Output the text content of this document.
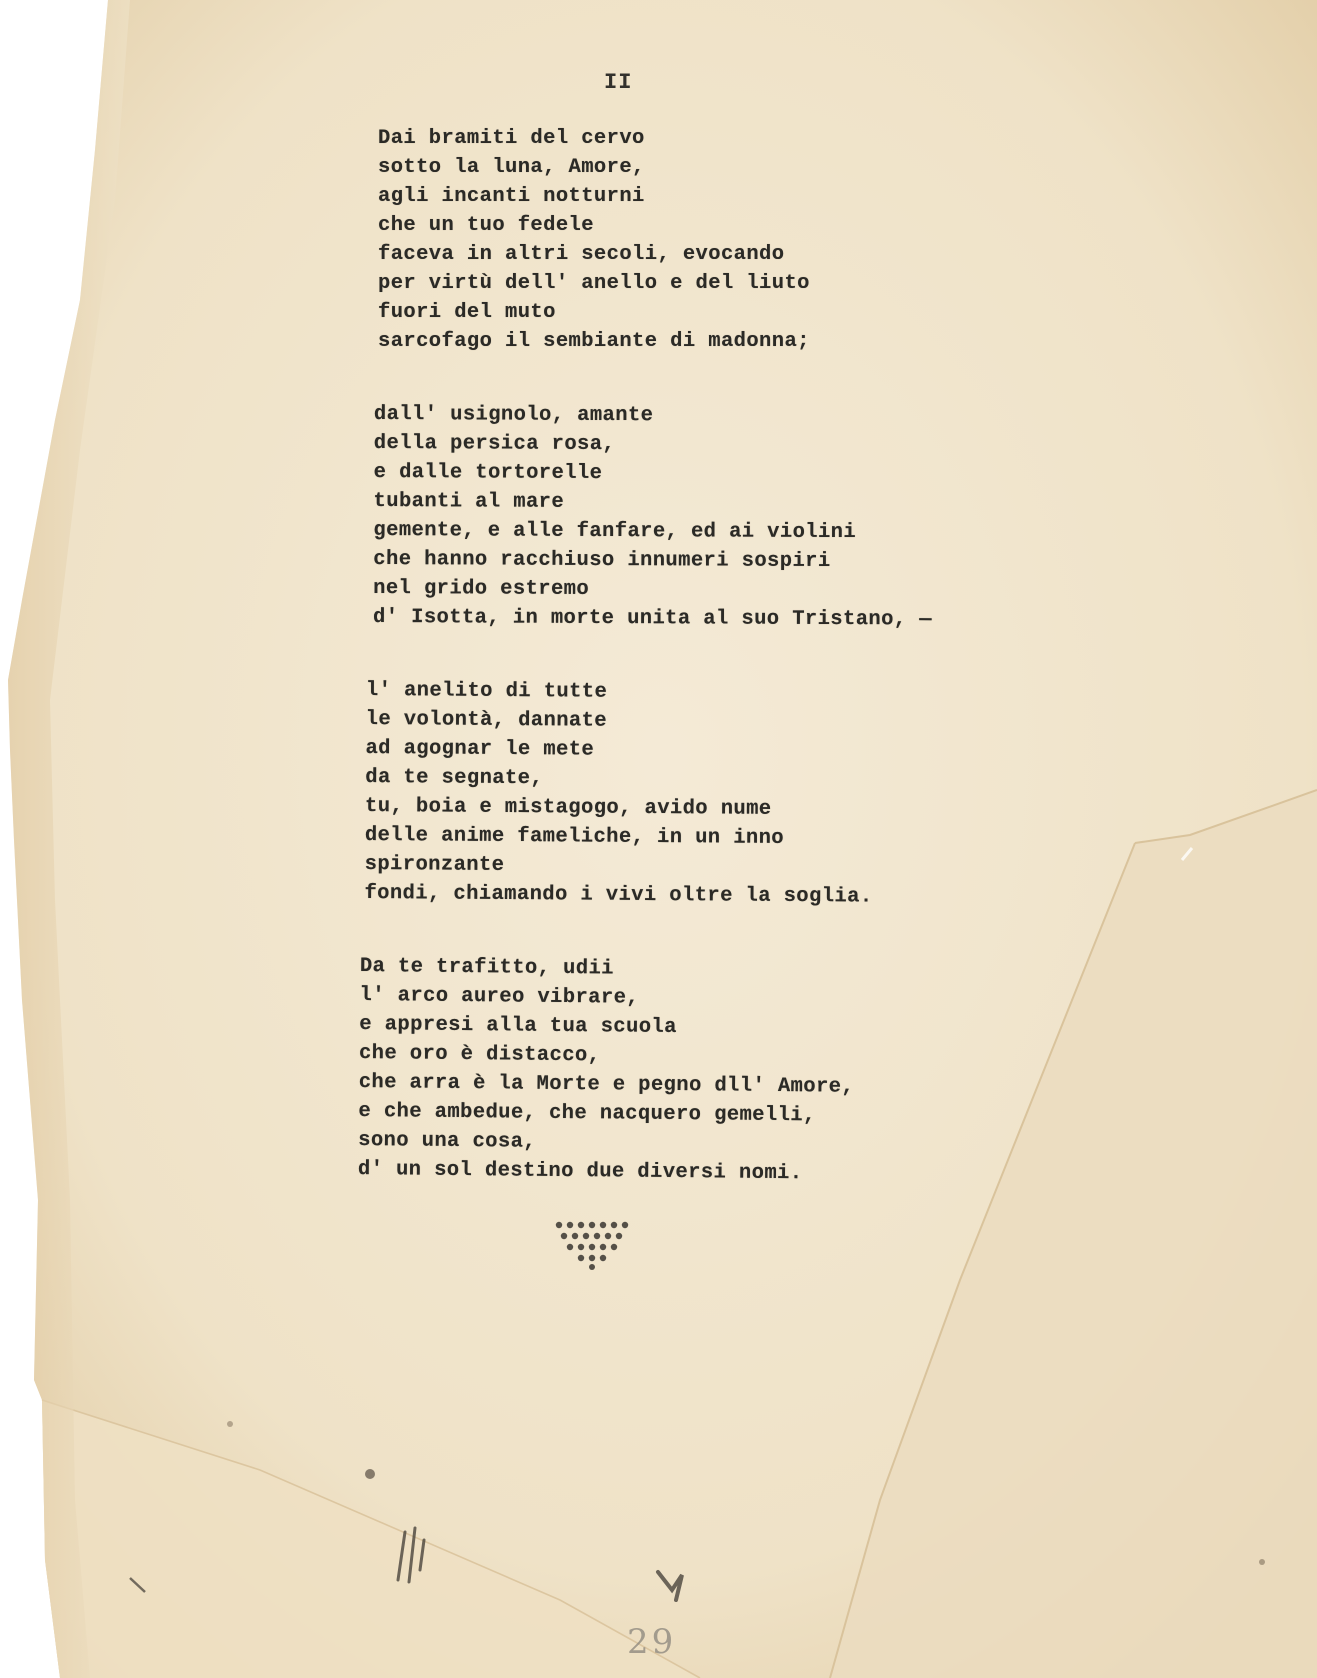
II
Dai bramiti del cervo
sotto la luna, Amore,
agli incanti notturni
che un tuo fedele
faceva in altri secoli, evocando
per virtù dell' anello e del liuto
fuori del muto
sarcofago il sembiante di madonna;
dall' usignolo, amante
della persica rosa,
e dalle tortorelle
tubanti al mare
gemente, e alle fanfare, ed ai violini
che hanno racchiuso innumeri sospiri
nel grido estremo
d' Isotta, in morte unita al suo Tristano, —
l' anelito di tutte
le volontà, dannate
ad agognar le mete
da te segnate,
tu, boia e mistagogo, avido nume
delle anime fameliche, in un inno
spironzante
fondi, chiamando i vivi oltre la soglia.
Da te trafitto, udii
l' arco aureo vibrare,
e appresi alla tua scuola
che oro è distacco,
che arra è la Morte e pegno dll' Amore,
e che ambedue, che nacquero gemelli,
sono una cosa,
d' un sol destino due diversi nomi.
29
